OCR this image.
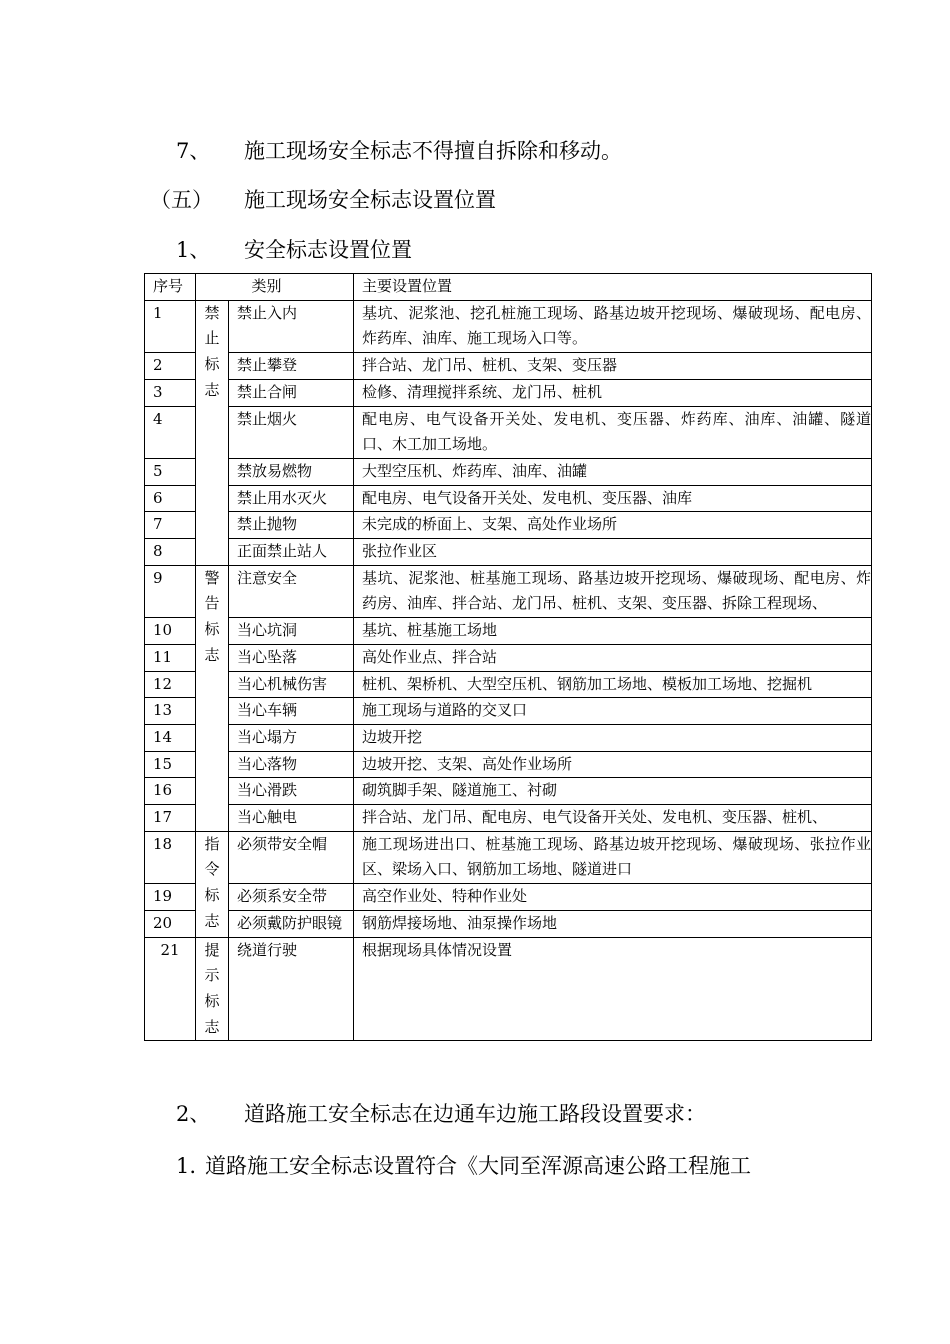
7、 施工现场安全标志不得擅自拆除和移动。
（五） 施工现场安全标志设置位置
1、 安全标志设置位置
序号	类别		主要设置位置
1	禁止标志	禁止入内	基坑、泥浆池、挖孔桩施工现场、路基边坡开挖现场、爆破现场、配电房、炸药库、油库、施工现场入口等。
2		禁止攀登	拌合站、龙门吊、桩机、支架、变压器
3		禁止合闸	检修、清理搅拌系统、龙门吊、桩机
4		禁止烟火	配电房、电气设备开关处、发电机、变压器、炸药库、油库、油罐、隧道口、木工加工场地。
5		禁放易燃物	大型空压机、炸药库、油库、油罐
6		禁止用水灭火	配电房、电气设备开关处、发电机、变压器、油库
7		禁止抛物	未完成的桥面上、支架、高处作业场所
8		正面禁止站人	张拉作业区
9	警告标志	注意安全	基坑、泥浆池、桩基施工现场、路基边坡开挖现场、爆破现场、配电房、炸药房、油库、拌合站、龙门吊、桩机、支架、变压器、拆除工程现场、
10		当心坑洞	基坑、桩基施工场地
11		当心坠落	高处作业点、拌合站
12		当心机械伤害	桩机、架桥机、大型空压机、钢筋加工场地、模板加工场地、挖掘机
13		当心车辆	施工现场与道路的交叉口
14		当心塌方	边坡开挖
15		当心落物	边坡开挖、支架、高处作业场所
16		当心滑跌	砌筑脚手架、隧道施工、衬砌
17		当心触电	拌合站、龙门吊、配电房、电气设备开关处、发电机、变压器、桩机、
18	指令标志	必须带安全帽	施工现场进出口、桩基施工现场、路基边坡开挖现场、爆破现场、张拉作业区、梁场入口、钢筋加工场地、隧道进口
19		必须系安全带	高空作业处、特种作业处
20		必须戴防护眼镜	钢筋焊接场地、油泵操作场地
21	提示标志	绕道行驶	根据现场具体情况设置
2、 道路施工安全标志在边通车边施工路段设置要求：
1. 道路施工安全标志设置符合《大同至浑源高速公路工程施工
